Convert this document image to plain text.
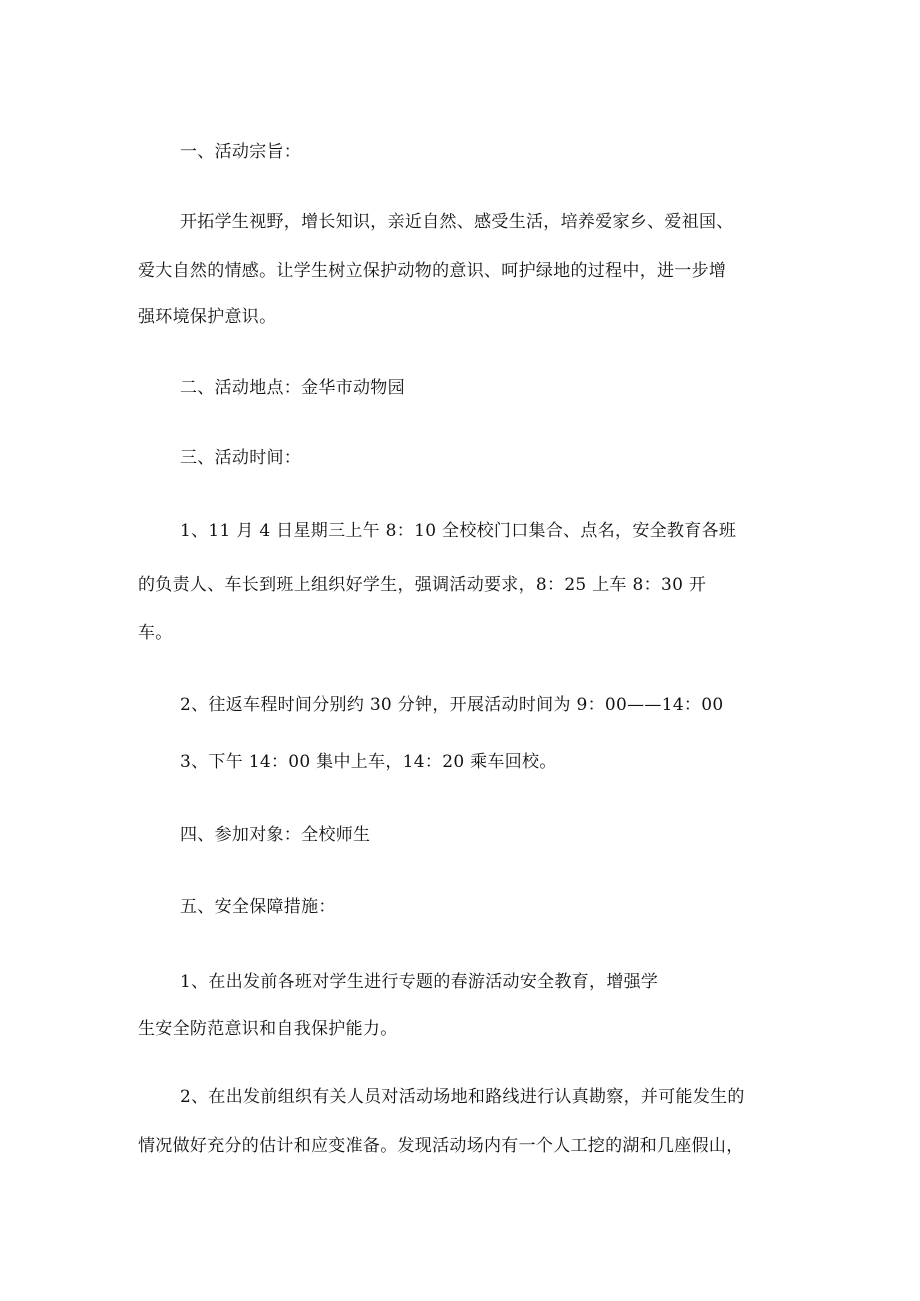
一、活动宗旨：
开拓学生视野，增长知识，亲近自然、感受生活，培养爱家乡、爱祖国、
爱大自然的情感。让学生树立保护动物的意识、呵护绿地的过程中，进一步增
强环境保护意识。
二、活动地点：金华市动物园
三、活动时间：
1、11 月 4 日星期三上午 8：10 全校校门口集合、点名，安全教育各班
的负责人、车长到班上组织好学生，强调活动要求，8：25 上车 8：30 开
车。
2、往返车程时间分别约 30 分钟，开展活动时间为 9：00——14：00
3、下午 14：00 集中上车，14：20 乘车回校。
四、参加对象：全校师生
五、安全保障措施：
1、在出发前各班对学生进行专题的春游活动安全教育，增强学
生安全防范意识和自我保护能力。
2、在出发前组织有关人员对活动场地和路线进行认真勘察，并可能发生的
情况做好充分的估计和应变准备。发现活动场内有一个人工挖的湖和几座假山，
